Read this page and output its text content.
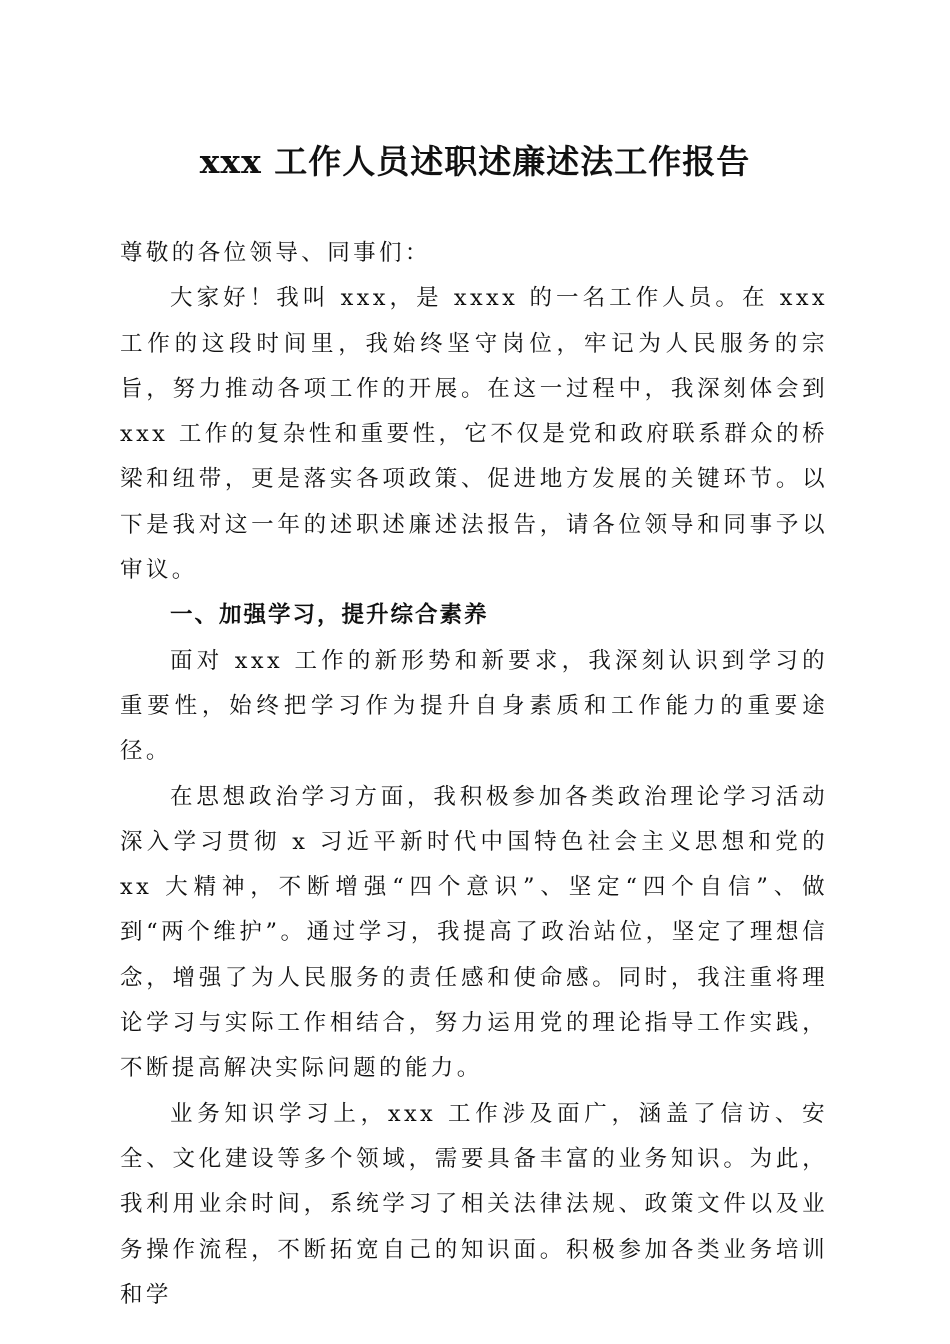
xxx 工作人员述职述廉述法工作报告

尊敬的各位领导、同事们：

大家好！我叫 xxx，是 xxxx 的一名工作人员。在 xxx 工作的这段时间里，我始终坚守岗位，牢记为人民服务的宗旨，努力推动各项工作的开展。在这一过程中，我深刻体会到 xxx 工作的复杂性和重要性，它不仅是党和政府联系群众的桥梁和纽带，更是落实各项政策、促进地方发展的关键环节。以下是我对这一年的述职述廉述法报告，请各位领导和同事予以审议。

一、加强学习，提升综合素养

面对 xxx 工作的新形势和新要求，我深刻认识到学习的重要性，始终把学习作为提升自身素质和工作能力的重要途径。

在思想政治学习方面，我积极参加各类政治理论学习活动深入学习贯彻 x 习近平新时代中国特色社会主义思想和党的 xx 大精神，不断增强“四个意识”、坚定“四个自信”、做到“两个维护”。通过学习，我提高了政治站位，坚定了理想信念，增强了为人民服务的责任感和使命感。同时，我注重将理论学习与实际工作相结合，努力运用党的理论指导工作实践，不断提高解决实际问题的能力。

业务知识学习上，xxx 工作涉及面广，涵盖了信访、安全、文化建设等多个领域，需要具备丰富的业务知识。为此，我利用业余时间，系统学习了相关法律法规、政策文件以及业务操作流程，不断拓宽自己的知识面。积极参加各类业务培训和学
